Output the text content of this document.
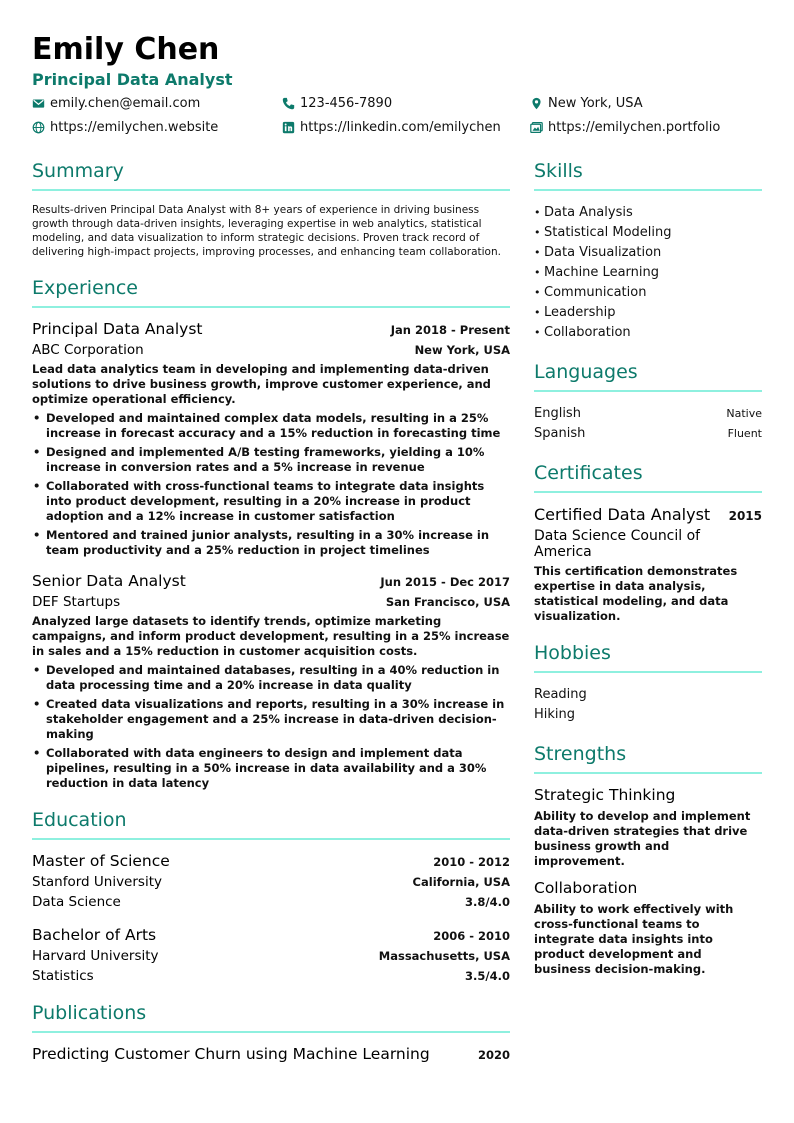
Emily Chen
Principal Data Analyst
emily.chen@email.com	123-456-7890	New York, USA
https://emilychen.website	https://linkedin.com/emilychen	https://emilychen.portfolio
Summary
Results-driven Principal Data Analyst with 8+ years of experience in driving business growth through data-driven insights, leveraging expertise in web analytics, statistical modeling, and data visualization to inform strategic decisions. Proven track record of delivering high-impact projects, improving processes, and enhancing team collaboration.
Experience
Principal Data Analyst	Jan 2018 - Present
ABC Corporation	New York, USA
Lead data analytics team in developing and implementing data-driven solutions to drive business growth, improve customer experience, and optimize operational efficiency.
• Developed and maintained complex data models, resulting in a 25% increase in forecast accuracy and a 15% reduction in forecasting time
• Designed and implemented A/B testing frameworks, yielding a 10% increase in conversion rates and a 5% increase in revenue
• Collaborated with cross-functional teams to integrate data insights into product development, resulting in a 20% increase in product adoption and a 12% increase in customer satisfaction
• Mentored and trained junior analysts, resulting in a 30% increase in team productivity and a 25% reduction in project timelines
Senior Data Analyst	Jun 2015 - Dec 2017
DEF Startups	San Francisco, USA
Analyzed large datasets to identify trends, optimize marketing campaigns, and inform product development, resulting in a 25% increase in sales and a 15% reduction in customer acquisition costs.
• Developed and maintained databases, resulting in a 40% reduction in data processing time and a 20% increase in data quality
• Created data visualizations and reports, resulting in a 30% increase in stakeholder engagement and a 25% increase in data-driven decision-making
• Collaborated with data engineers to design and implement data pipelines, resulting in a 50% increase in data availability and a 30% reduction in data latency
Education
Master of Science	2010 - 2012
Stanford University	California, USA
Data Science	3.8/4.0
Bachelor of Arts	2006 - 2010
Harvard University	Massachusetts, USA
Statistics	3.5/4.0
Publications
Predicting Customer Churn using Machine Learning	2020
Skills
• Data Analysis
• Statistical Modeling
• Data Visualization
• Machine Learning
• Communication
• Leadership
• Collaboration
Languages
English	Native
Spanish	Fluent
Certificates
Certified Data Analyst 2015
Data Science Council of America
This certification demonstrates expertise in data analysis, statistical modeling, and data visualization.
Hobbies
Reading
Hiking
Strengths
Strategic Thinking
Ability to develop and implement data-driven strategies that drive business growth and improvement.
Collaboration
Ability to work effectively with cross-functional teams to integrate data insights into product development and business decision-making.
